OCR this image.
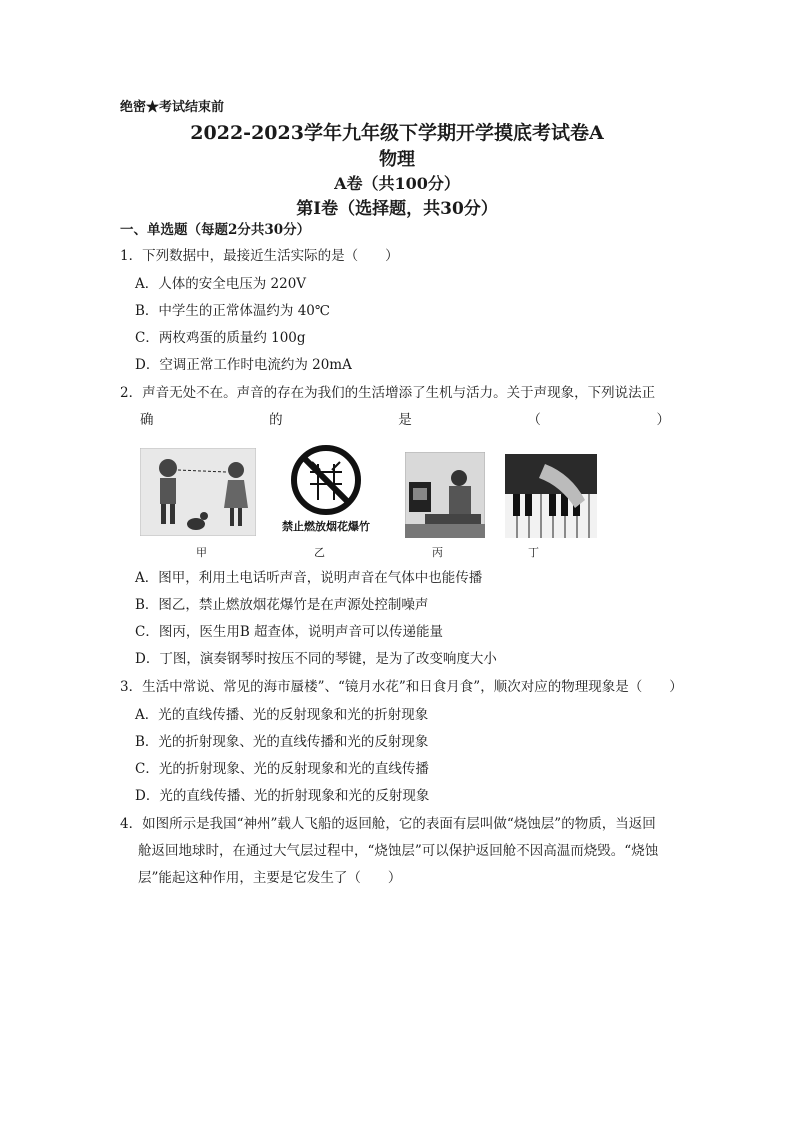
绝密★考试结束前
2022-2023学年九年级下学期开学摸底考试卷A
物理
A卷（共100分）
第Ⅰ卷（选择题，共30分）
一、单选题（每题2分共30分）
1．下列数据中，最接近生活实际的是（　　）
A．人体的安全电压为 220V
B．中学生的正常体温约为 40℃
C．两枚鸡蛋的质量约 100g
D．空调正常工作时电流约为 20mA
2．声音无处不在。声音的存在为我们的生活增添了生机与活力。关于声现象，下列说法正
确	的	是	（	）
禁止燃放烟花爆竹
甲	乙	丙	丁
A．图甲，利用土电话听声音，说明声音在气体中也能传播
B．图乙，禁止燃放烟花爆竹是在声源处控制噪声
C．图丙，医生用B 超查体，说明声音可以传递能量
D．丁图，演奏钢琴时按压不同的琴键，是为了改变响度大小
3．生活中常说、常见的海市蜃楼”、“镜月水花”和日食月食”，顺次对应的物理现象是（　　）
A．光的直线传播、光的反射现象和光的折射现象
B．光的折射现象、光的直线传播和光的反射现象
C．光的折射现象、光的反射现象和光的直线传播
D．光的直线传播、光的折射现象和光的反射现象
4．如图所示是我国“神州”载人飞船的返回舱，它的表面有层叫做“烧蚀层”的物质，当返回
舱返回地球时，在通过大气层过程中，“烧蚀层”可以保护返回舱不因高温而烧毁。“烧蚀
层”能起这种作用，主要是它发生了（　　）
